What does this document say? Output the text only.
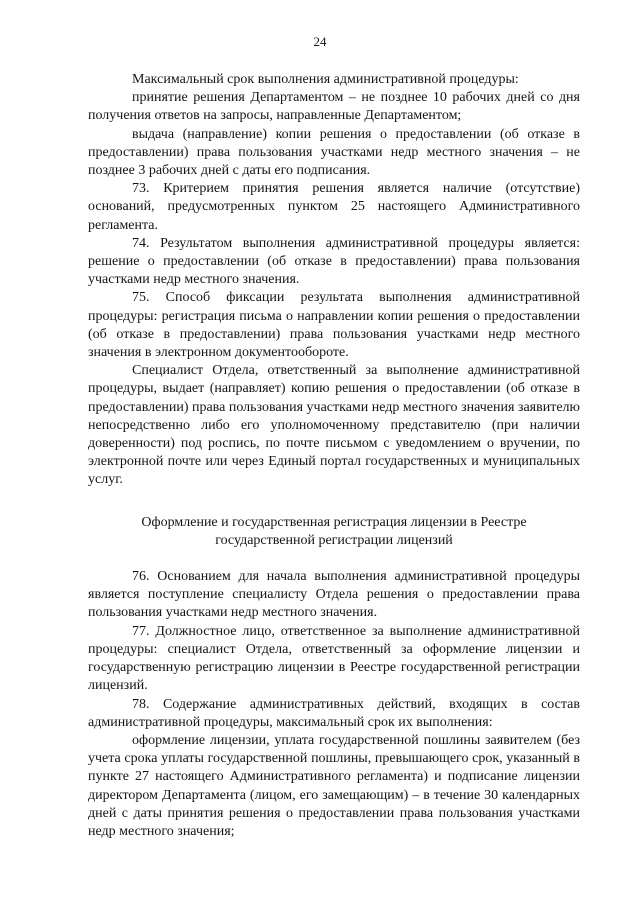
24

Максимальный срок выполнения административной процедуры:

принятие решения Департаментом – не позднее 10 рабочих дней со дня получения ответов на запросы, направленные Департаментом;

выдача (направление) копии решения о предоставлении (об отказе в предоставлении) права пользования участками недр местного значения – не позднее 3 рабочих дней с даты его подписания.

73. Критерием принятия решения является наличие (отсутствие) оснований, предусмотренных пунктом 25 настоящего Административного регламента.

74. Результатом выполнения административной процедуры является: решение о предоставлении (об отказе в предоставлении) права пользования участками недр местного значения.

75. Способ фиксации результата выполнения административной процедуры: регистрация письма о направлении копии решения о предоставлении (об отказе в предоставлении) права пользования участками недр местного значения в электронном документообороте.

Специалист Отдела, ответственный за выполнение административной процедуры, выдает (направляет) копию решения о предоставлении (об отказе в предоставлении) права пользования участками недр местного значения заявителю непосредственно либо его уполномоченному представителю (при наличии доверенности) под роспись, по почте письмом с уведомлением о вручении, по электронной почте или через Единый портал государственных и муниципальных услуг.

Оформление и государственная регистрация лицензии в Реестре
государственной регистрации лицензий

76. Основанием для начала выполнения административной процедуры является поступление специалисту Отдела решения о предоставлении права пользования участками недр местного значения.

77. Должностное лицо, ответственное за выполнение административной процедуры: специалист Отдела, ответственный за оформление лицензии и государственную регистрацию лицензии в Реестре государственной регистрации лицензий.

78. Содержание административных действий, входящих в состав административной процедуры, максимальный срок их выполнения:

оформление лицензии, уплата государственной пошлины заявителем (без учета срока уплаты государственной пошлины, превышающего срок, указанный в пункте 27 настоящего Административного регламента) и подписание лицензии директором Департамента (лицом, его замещающим) – в течение 30 календарных дней с даты принятия решения о предоставлении права пользования участками недр местного значения;
